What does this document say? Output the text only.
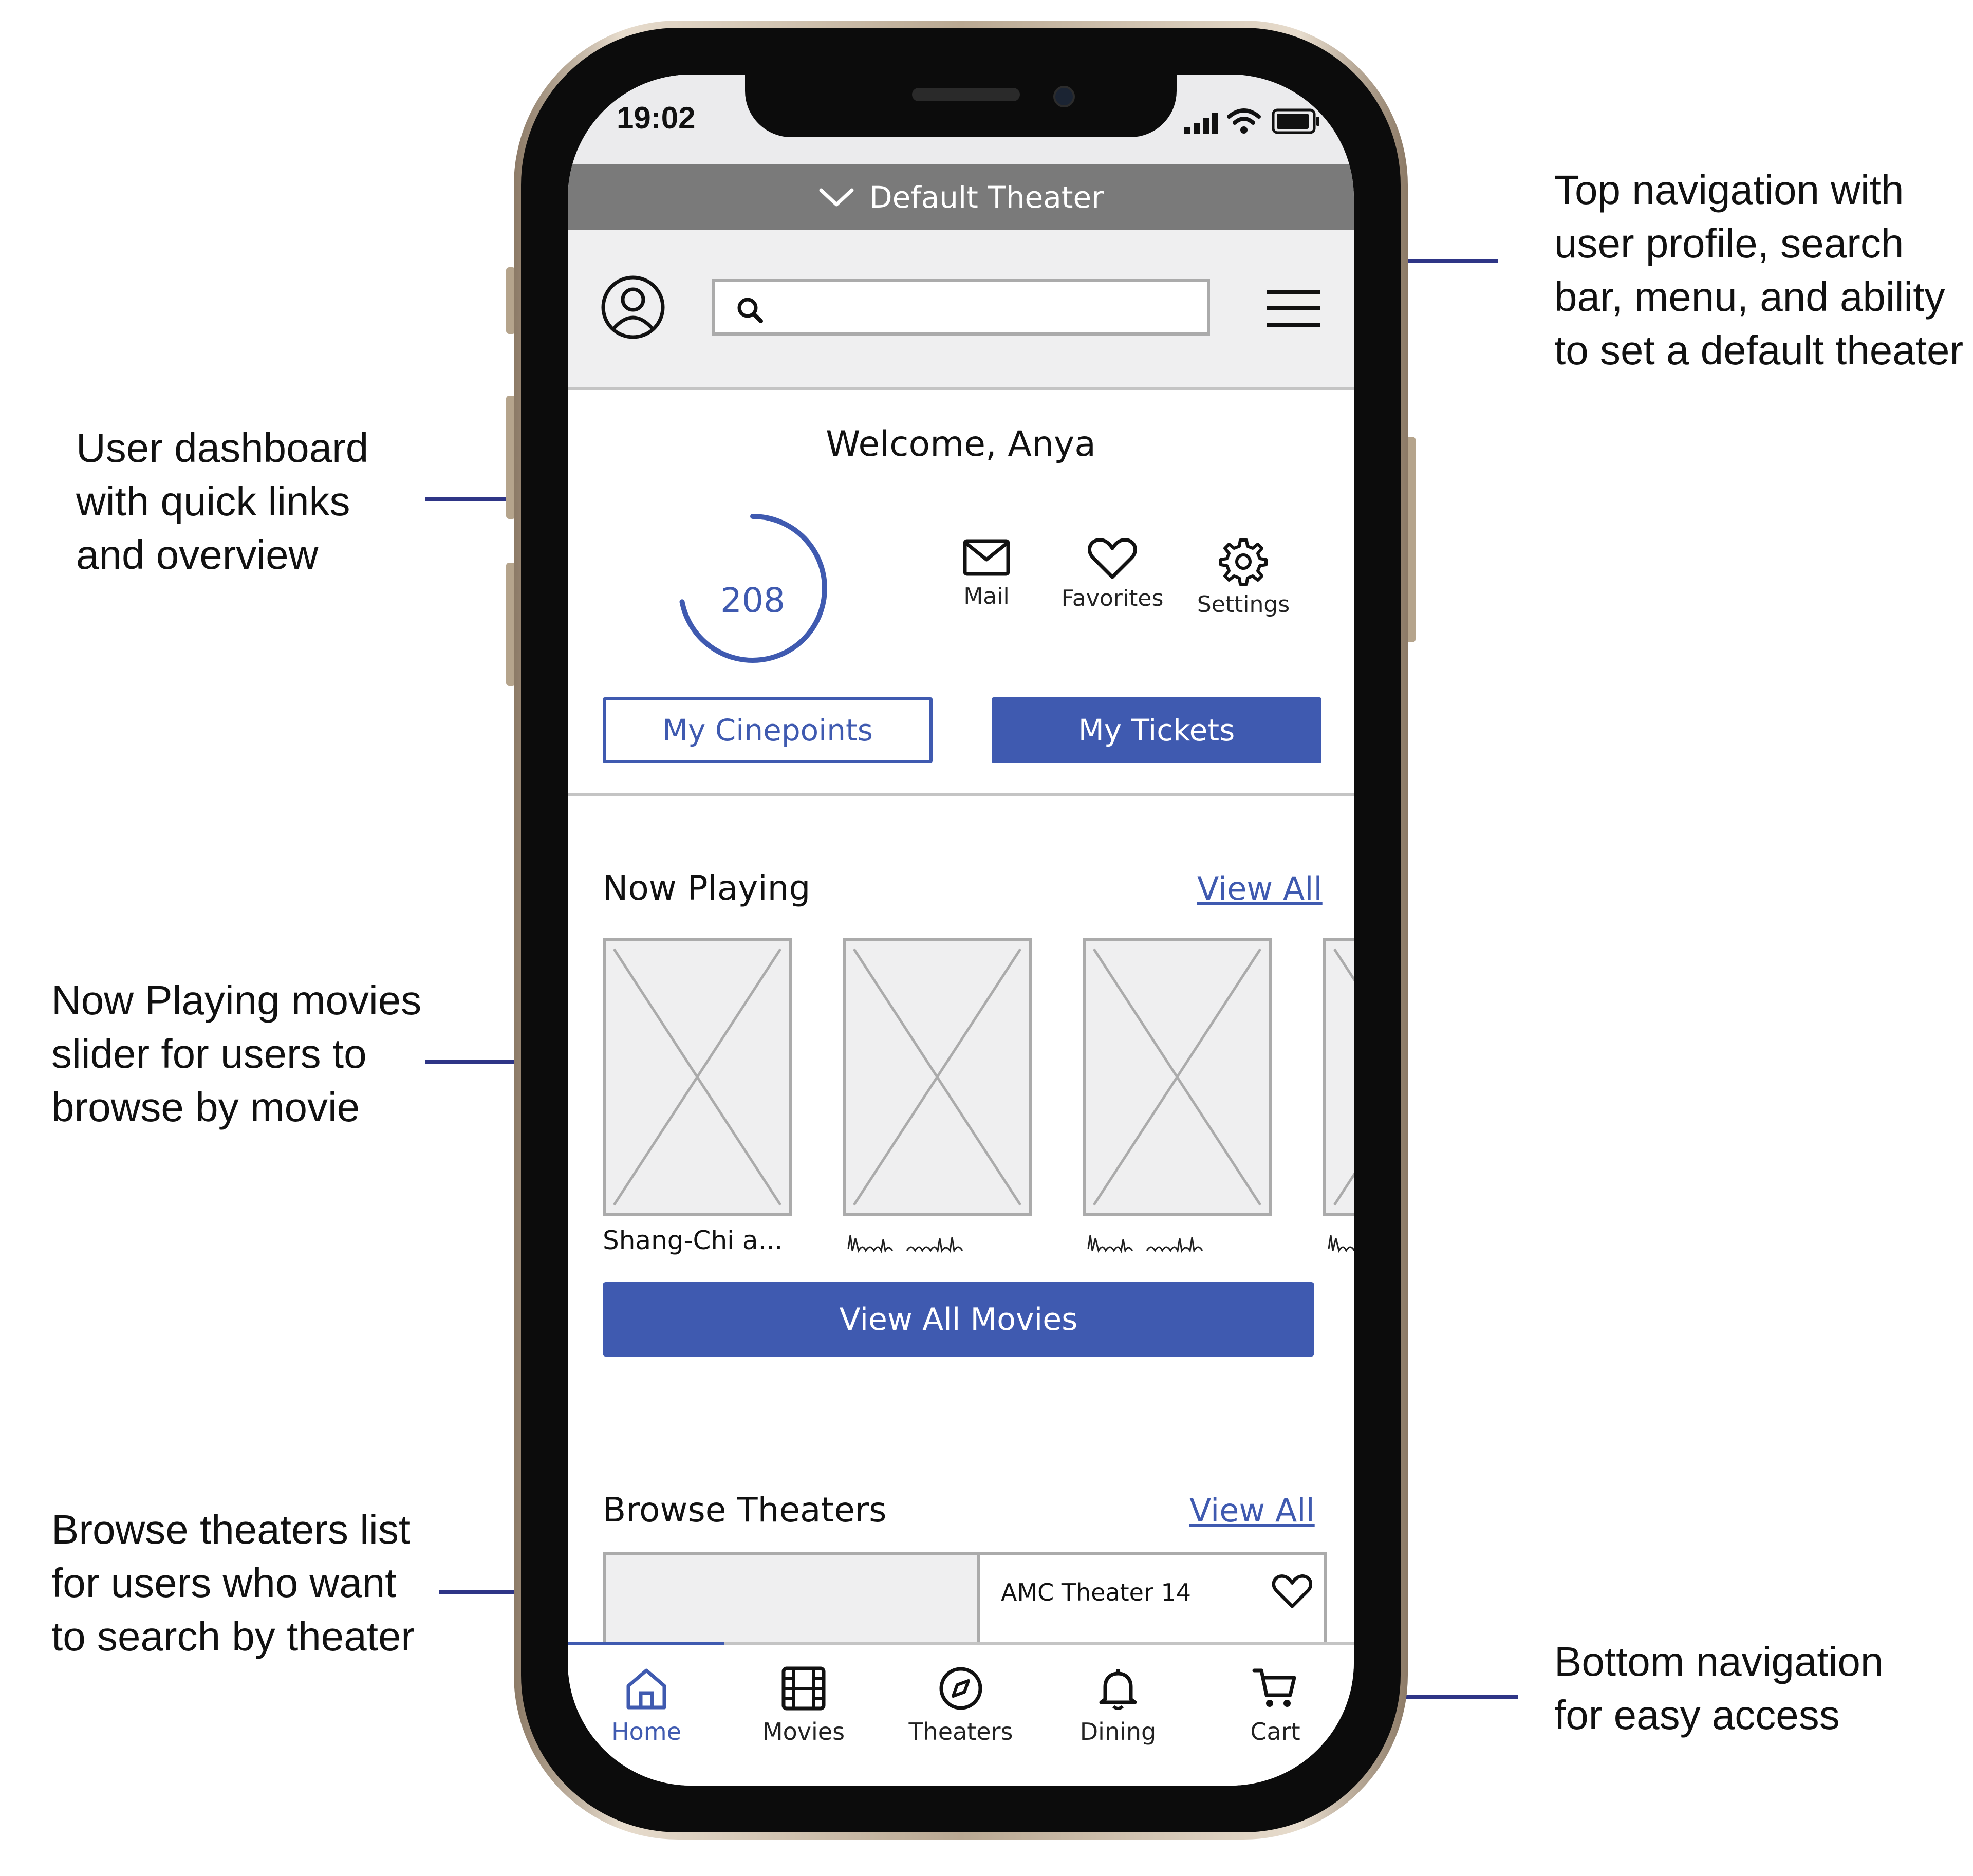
Top navigation with
user profile, search
bar, menu, and ability
to set a default theater
User dashboard
with quick links
and overview
Now Playing movies
slider for users to
browse by movie
Browse theaters list
for users who want
to search by theater
Bottom navigation
for easy access
19:02
Default Theater
Welcome, Anya
208	Mail	Favorites	Settings
My Cinepoints	My Tickets
Now Playing	View All
Shang-Chi a...
View All Movies
Browse Theaters	View All
AMC Theater 14
Home	Movies	Theaters	Dining	Cart
